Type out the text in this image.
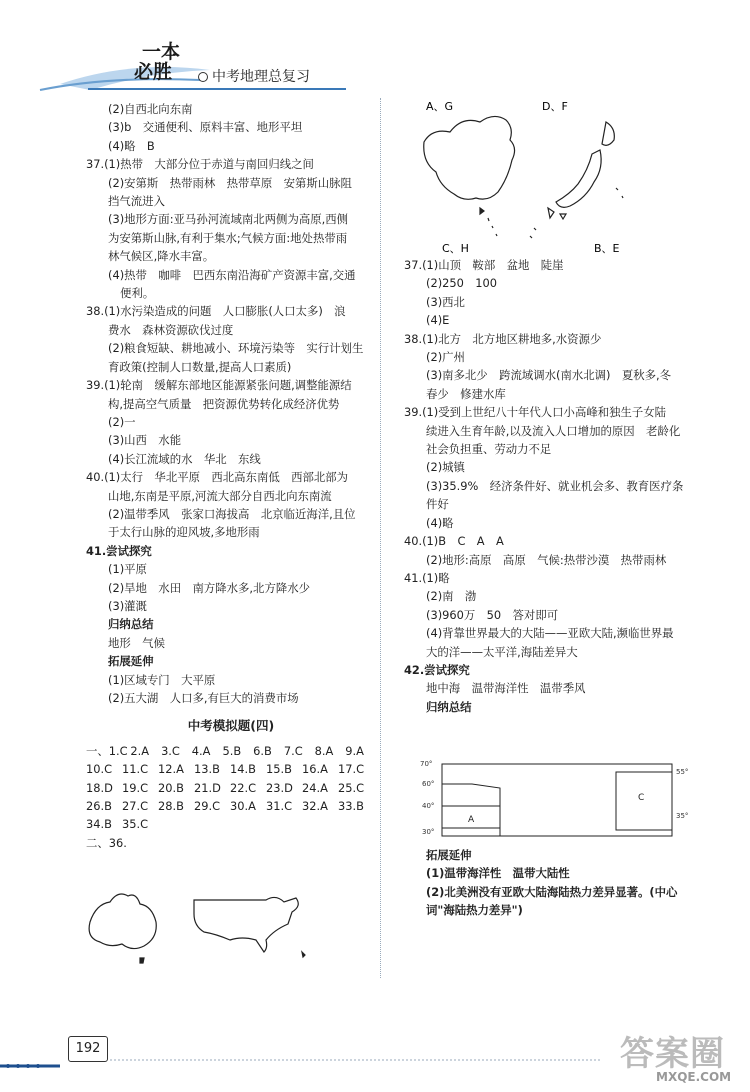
一本
必胜	中考地理总复习

(2)自西北向东南

(3)b　交通便利、原料丰富、地形平坦

(4)略　B

37.(1)热带　大部分位于赤道与南回归线之间

(2)安第斯　热带雨林　热带草原　安第斯山脉阻

挡气流进入

(3)地形方面:亚马孙河流域南北两侧为高原,西侧

为安第斯山脉,有利于集水;气候方面:地处热带雨

林气候区,降水丰富。

(4)热带　咖啡　巴西东南沿海矿产资源丰富,交通

便利。

38.(1)水污染造成的问题　人口膨胀(人口太多)　浪

费水　森林资源砍伐过度

(2)粮食短缺、耕地减小、环境污染等　实行计划生

育政策(控制人口数量,提高人口素质)

39.(1)轮南　缓解东部地区能源紧张问题,调整能源结

构,提高空气质量　把资源优势转化成经济优势

(2)一

(3)山西　水能

(4)长江流域的水　华北　东线

40.(1)太行　华北平原　西北高东南低　西部北部为

山地,东南是平原,河流大部分自西北向东南流

(2)温带季风　张家口海拔高　北京临近海洋,且位

于太行山脉的迎风坡,多地形雨

41.尝试探究

(1)平原

(2)旱地　水田　南方降水多,北方降水少

(3)灌溉

归纳总结

地形　气候

拓展延伸

(1)区域专门　大平原

(2)五大湖　人口多,有巨大的消费市场

中考模拟题(四)

一、1.C 2.A	3.C	4.A	5.B	6.B	7.C	8.A	9.A
10.C 11.C 12.A 13.B 14.B 15.B 16.A 17.C
18.D 19.C 20.B 21.D 22.C 23.D 24.A 25.C
26.B 27.C 28.B 29.C 30.A 31.C 32.A 33.B
34.B 35.C

二、36.

A、G	D、F
C、H	B、E

37.(1)山顶　鞍部　盆地　陡崖

(2)250　100

(3)西北

(4)E

38.(1)北方　北方地区耕地多,水资源少

(2)广州

(3)南多北少　跨流域调水(南水北调)　夏秋多,冬

春少　修建水库

39.(1)受到上世纪八十年代人口小高峰和独生子女陆

续进入生育年龄,以及流入人口增加的原因　老龄化

社会负担重、劳动力不足

(2)城镇

(3)35.9%　经济条件好、就业机会多、教育医疗条

件好

(4)略

40.(1)B　C　A　A

(2)地形:高原　高原　气候:热带沙漠　热带雨林

41.(1)略

(2)南　渤

(3)960万　50　答对即可

(4)背靠世界最大的大陆——亚欧大陆,濒临世界最

大的洋——太平洋,海陆差异大

42.尝试探究

地中海　温带海洋性　温带季风

归纳总结

70°
60°
40°
30°
55°
35°
A
C

拓展延伸

(1)温带海洋性　温带大陆性

(2)北美洲没有亚欧大陆海陆热力差异显著。(中心

词"海陆热力差异")

192	答案圈
MXQE.COM
